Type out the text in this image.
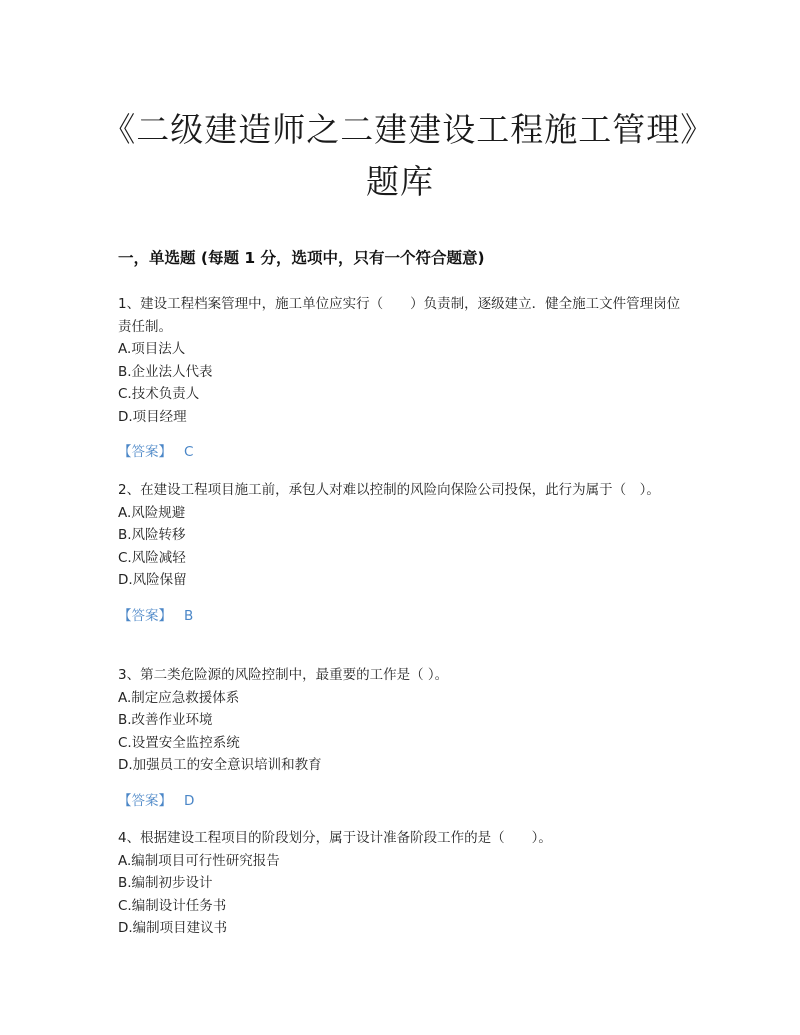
《二级建造师之二建建设工程施工管理》题库
一，单选题 (每题 1 分，选项中，只有一个符合题意)

1、建设工程档案管理中，施工单位应实行（　　）负责制，逐级建立．健全施工文件管理岗位责任制。

A.项目法人

B.企业法人代表

C.技术负责人

D.项目经理

【答案】 C

2、在建设工程项目施工前，承包人对难以控制的风险向保险公司投保，此行为属于（　）。

A.风险规避

B.风险转移

C.风险减轻

D.风险保留

【答案】 B

3、第二类危险源的风险控制中，最重要的工作是（ ）。

A.制定应急救援体系

B.改善作业环境

C.设置安全监控系统

D.加强员工的安全意识培训和教育

【答案】 D

4、根据建设工程项目的阶段划分，属于设计准备阶段工作的是（　　）。

A.编制项目可行性研究报告

B.编制初步设计

C.编制设计任务书

D.编制项目建议书
